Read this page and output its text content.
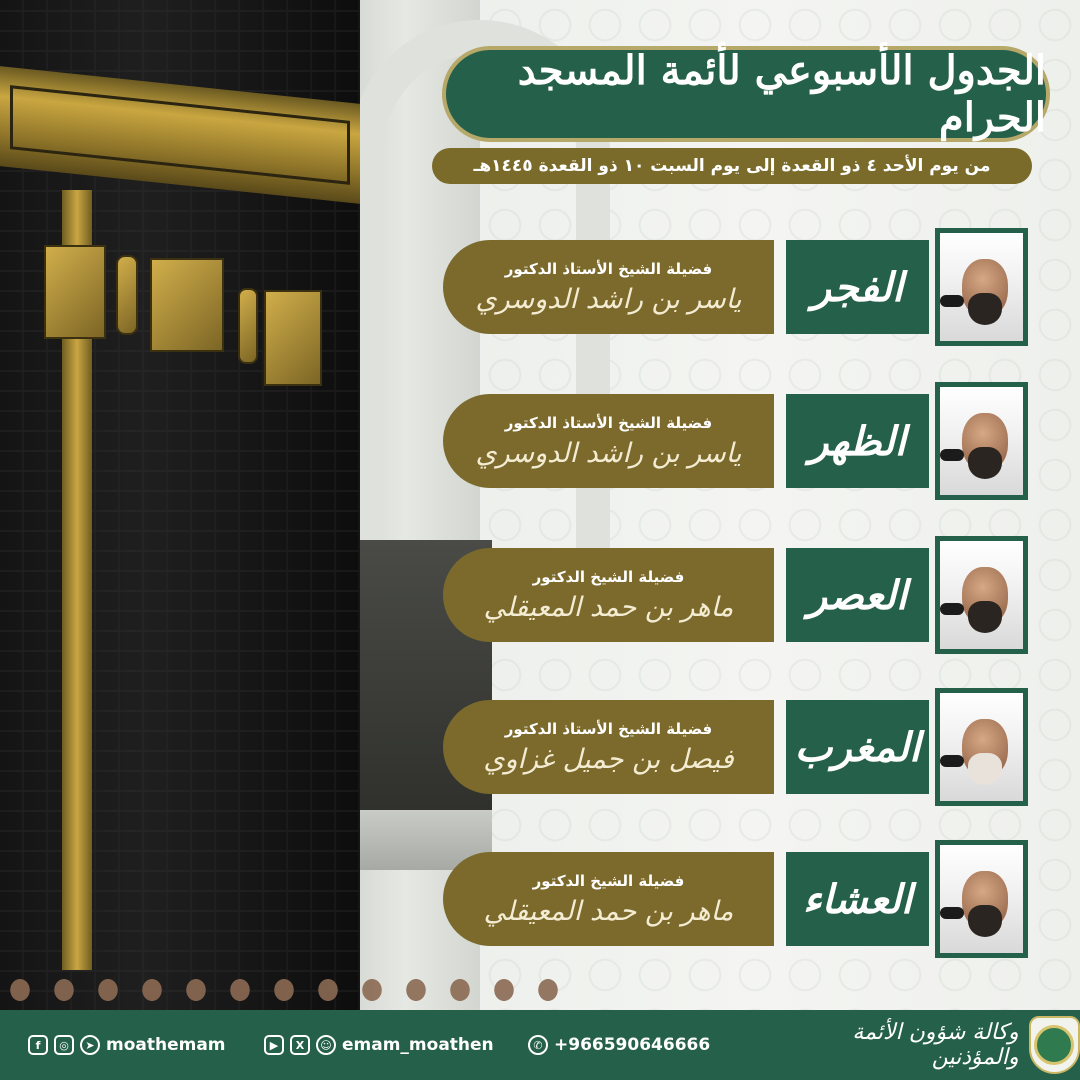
الجدول الأسبوعي لأئمة المسجد الحرام
من يوم الأحد ٤ ذو القعدة إلى يوم السبت ١٠ ذو القعدة ١٤٤٥هـ
فضيلة الشيخ الأستاذ الدكتور
ياسر بن راشد الدوسري الفجر
فضيلة الشيخ الأستاذ الدكتور
ياسر بن راشد الدوسري الظهر
فضيلة الشيخ الدكتور
ماهر بن حمد المعيقلي العصر
فضيلة الشيخ الأستاذ الدكتور
فيصل بن جميل غزاوي المغرب
فضيلة الشيخ الدكتور
ماهر بن حمد المعيقلي العشاء
f	◎	➤ moathemam	▶	X	☺ emam_moathen	✆ +966590646666	وكالة شؤون الأئمة والمؤذنين
